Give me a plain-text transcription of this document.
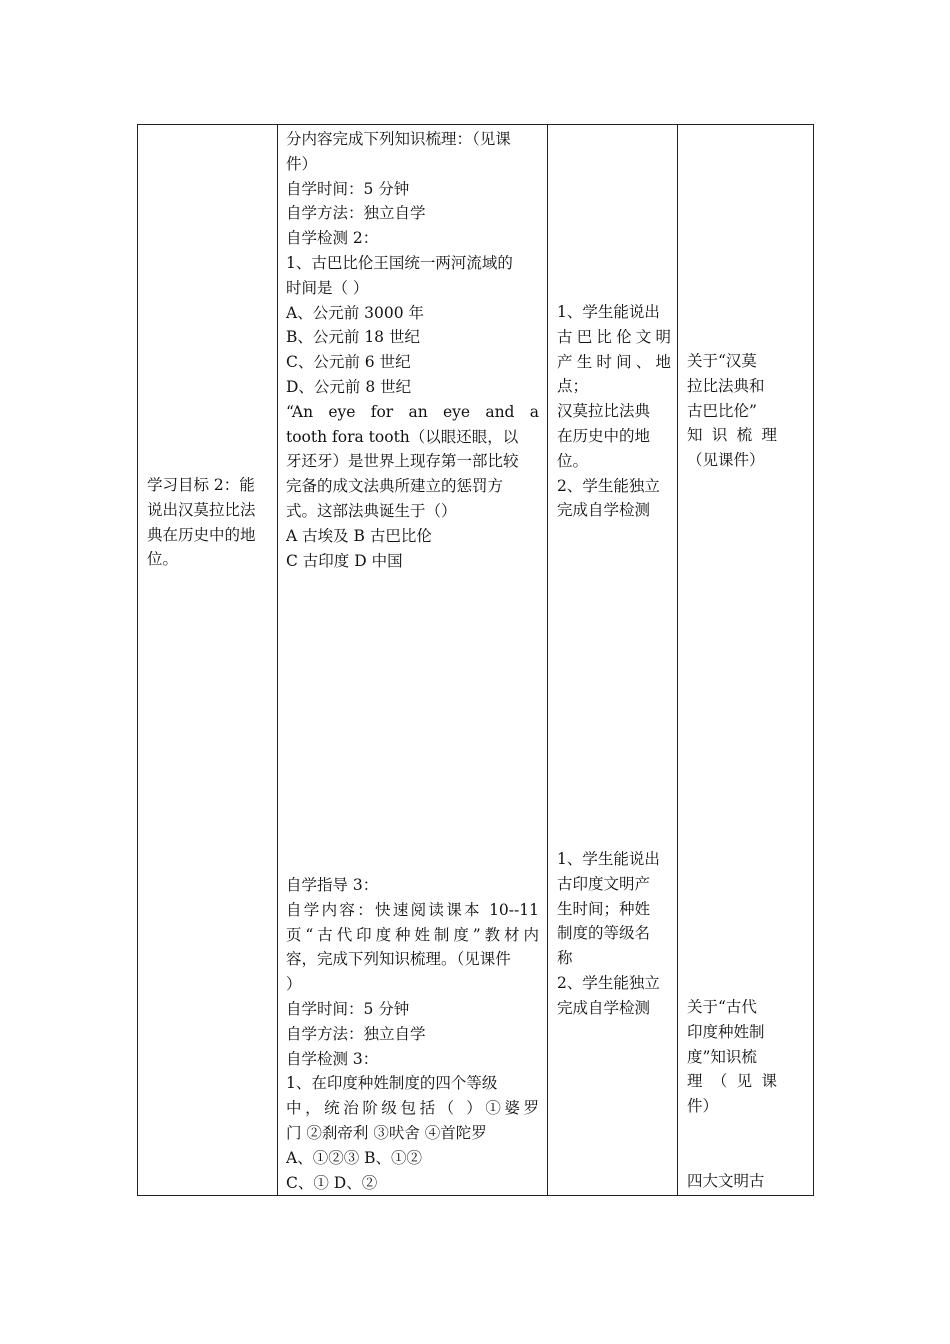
学习目标 2：能
说出汉莫拉比法
典在历史中的地
位。

分内容完成下列知识梳理：（见课
件）
自学时间：5 分钟
自学方法：独立自学
自学检测 2：
1、古巴比伦王国统一两河流域的
时间是（ ）
A、公元前 3000 年
B、公元前 18 世纪
C、公元前 6 世纪
D、公元前 8 世纪
“An eye for an eye and a
tooth fora tooth（以眼还眼，以
牙还牙）是世界上现存第一部比较
完备的成文法典所建立的惩罚方
式。这部法典诞生于（）
A 古埃及 B 古巴比伦
C 古印度 D 中国
自学指导 3：
自学内容：快速阅读课本 10--11
页“古代印度种姓制度”教材内
容，完成下列知识梳理。（见课件
）
自学时间：5 分钟
自学方法：独立自学
自学检测 3：
1、在印度种姓制度的四个等级
中，统治阶级包括（ ）①婆罗
门 ②刹帝利 ③吠舍 ④首陀罗
A、①②③ B、①②
C、① D、②

1、学生能说出
古巴比伦文明
产生时间、地
点；
汉莫拉比法典
在历史中的地
位。
2、学生能独立
完成自学检测
1、学生能说出
古印度文明产
生时间；种姓
制度的等级名
称
2、学生能独立
完成自学检测

关于“汉莫
拉比法典和
古巴比伦”
知 识 梳 理
（见课件）
关于“古代
印度种姓制
度”知识梳
理 （ 见 课
件）
四大文明古
